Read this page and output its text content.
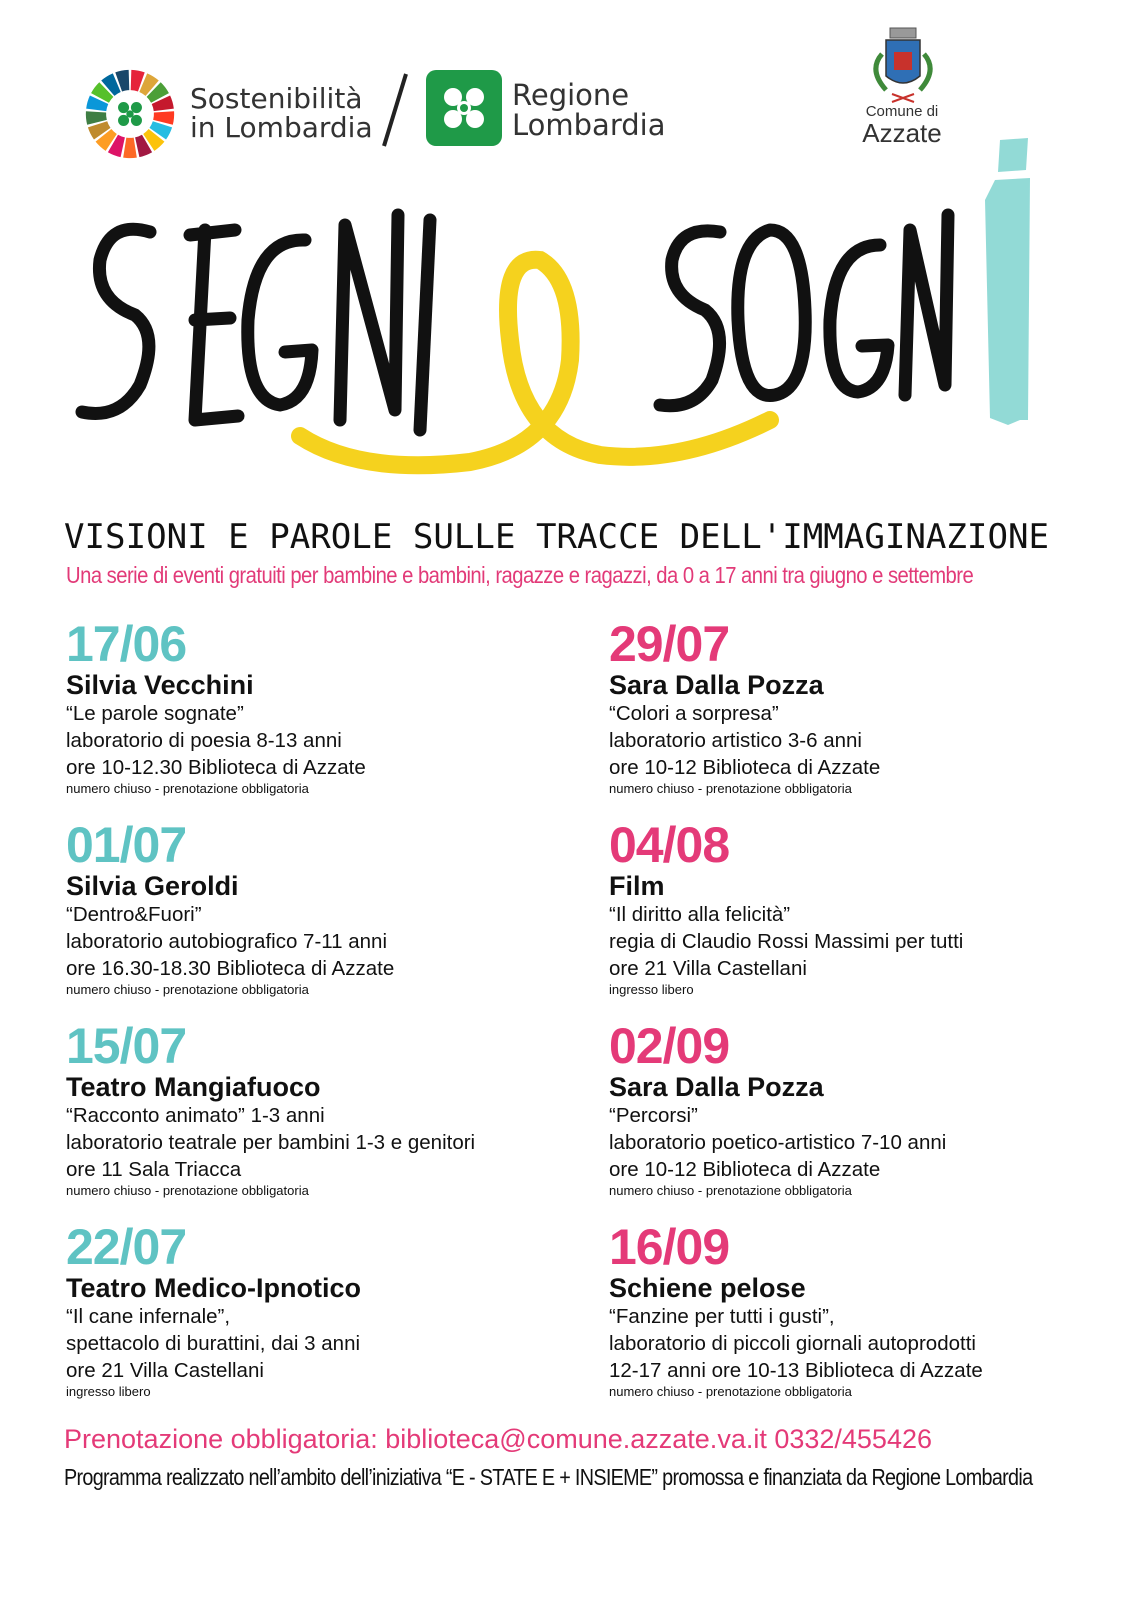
Sostenibilità
in Lombardia
Regione
Lombardia	Comune di
Azzate
VISIONI E PAROLE SULLE TRACCE DELL'IMMAGINAZIONE
Una serie di eventi gratuiti per bambine e bambini, ragazze e ragazzi, da 0 a 17 anni tra giugno e settembre
17/06
Silvia Vecchini
“Le parole sognate”
laboratorio di poesia 8-13 anni
ore 10-12.30 Biblioteca di Azzate
numero chiuso - prenotazione obbligatoria
01/07
Silvia Geroldi
“Dentro&Fuori”
laboratorio autobiografico 7-11 anni
ore 16.30-18.30 Biblioteca di Azzate
numero chiuso - prenotazione obbligatoria
15/07
Teatro Mangiafuoco
“Racconto animato” 1-3 anni
laboratorio teatrale per bambini 1-3 e genitori
ore 11 Sala Triacca
numero chiuso - prenotazione obbligatoria
22/07
Teatro Medico-Ipnotico
“Il cane infernale”,
spettacolo di burattini, dai 3 anni
ore 21 Villa Castellani
ingresso libero
29/07
Sara Dalla Pozza
“Colori a sorpresa”
laboratorio artistico 3-6 anni
ore 10-12 Biblioteca di Azzate
numero chiuso - prenotazione obbligatoria
04/08
Film
“Il diritto alla felicità”
regia di Claudio Rossi Massimi per tutti
ore 21 Villa Castellani
ingresso libero
02/09
Sara Dalla Pozza
“Percorsi”
laboratorio poetico-artistico 7-10 anni
ore 10-12 Biblioteca di Azzate
numero chiuso - prenotazione obbligatoria
16/09
Schiene pelose
“Fanzine per tutti i gusti”,
laboratorio di piccoli giornali autoprodotti
12-17 anni ore 10-13 Biblioteca di Azzate
numero chiuso - prenotazione obbligatoria
Prenotazione obbligatoria: biblioteca@comune.azzate.va.it 0332/455426
Programma realizzato nell’ambito dell’iniziativa “E - STATE E + INSIEME” promossa e finanziata da Regione Lombardia
